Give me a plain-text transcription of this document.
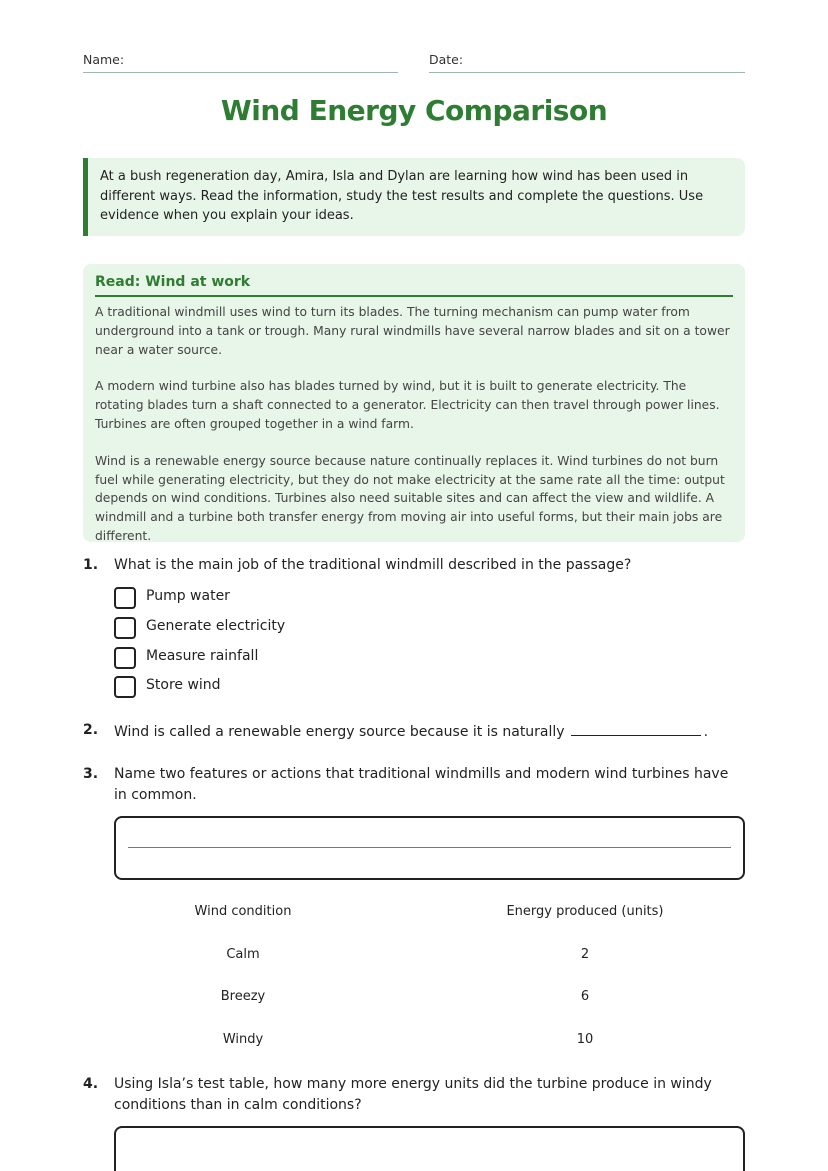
Name:	Date:
Wind Energy Comparison
At a bush regeneration day, Amira, Isla and Dylan are learning how wind has been used in different ways. Read the information, study the test results and complete the questions. Use evidence when you explain your ideas.
Read: Wind at work

A traditional windmill uses wind to turn its blades. The turning mechanism can pump water from underground into a tank or trough. Many rural windmills have several narrow blades and sit on a tower near a water source.

A modern wind turbine also has blades turned by wind, but it is built to generate electricity. The rotating blades turn a shaft connected to a generator. Electricity can then travel through power lines. Turbines are often grouped together in a wind farm.

Wind is a renewable energy source because nature continually replaces it. Wind turbines do not burn fuel while generating electricity, but they do not make electricity at the same rate all the time: output depends on wind conditions. Turbines also need suitable sites and can affect the view and wildlife. A windmill and a turbine both transfer energy from moving air into useful forms, but their main jobs are different.

1. What is the main job of the traditional windmill described in the passage?
Pump water
Generate electricity
Measure rainfall
Store wind
2. Wind is called a renewable energy source because it is naturally	.
3. Name two features or actions that traditional windmills and modern wind turbines have in common.
Wind condition	Energy produced (units)
Calm	2
Breezy	6
Windy	10
4. Using Isla’s test table, how many more energy units did the turbine produce in windy conditions than in calm conditions?
